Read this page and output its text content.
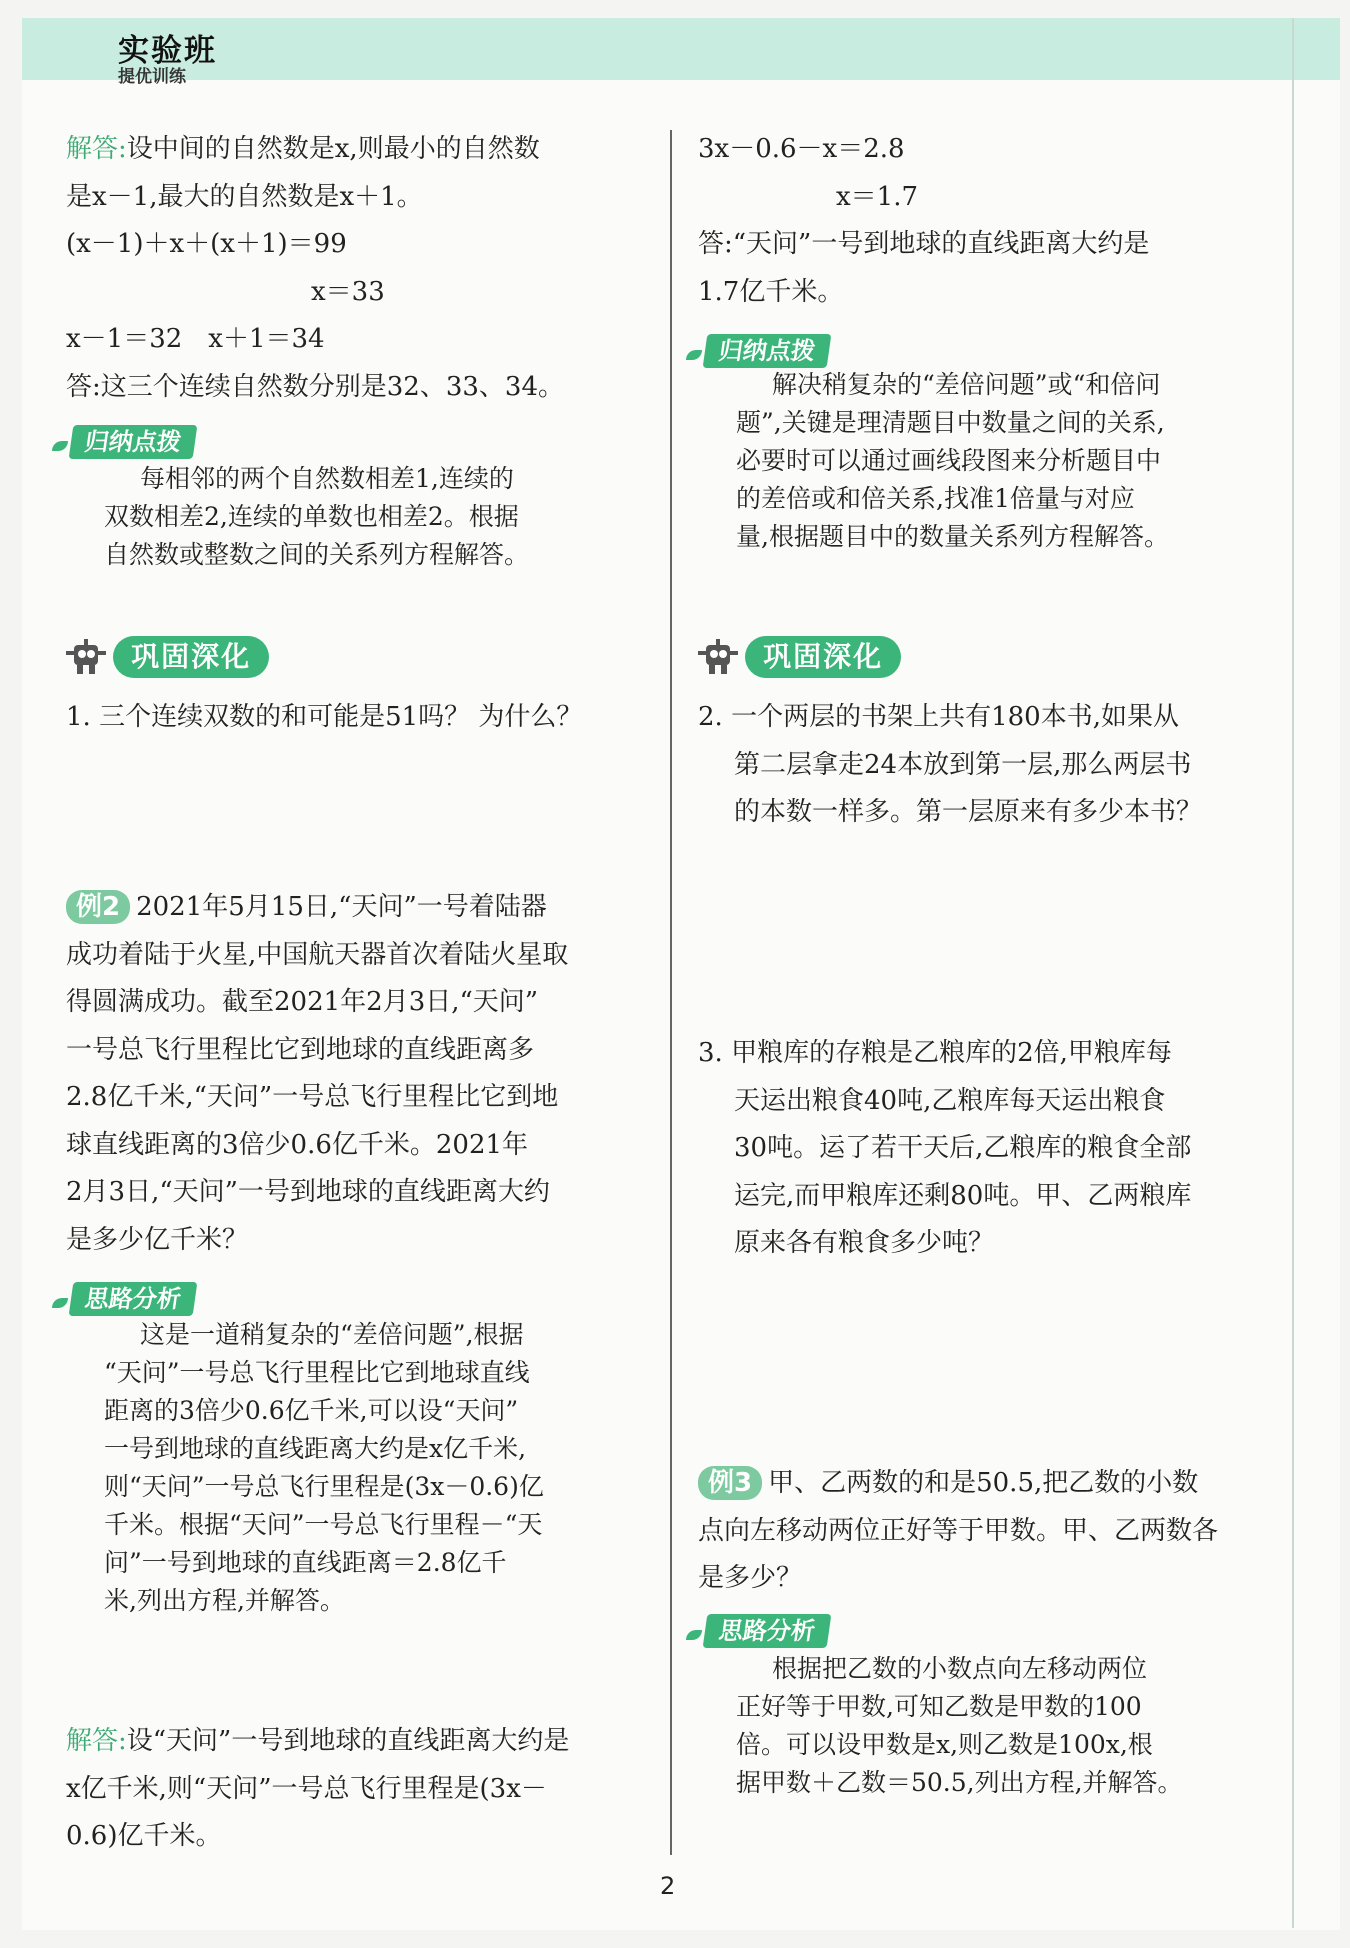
实验班
提优训练

解答:设中间的自然数是x,则最小的自然数

是x－1,最大的自然数是x＋1。

(x－1)＋x＋(x＋1)＝99

x＝33

x－1＝32　x＋1＝34

答:这三个连续自然数分别是32、33、34。

归纳点拨

每相邻的两个自然数相差1,连续的

双数相差2,连续的单数也相差2。根据

自然数或整数之间的关系列方程解答。

巩固深化

1. 三个连续双数的和可能是51吗？ 为什么？

例2 2021年5月15日,“天问”一号着陆器

成功着陆于火星,中国航天器首次着陆火星取

得圆满成功。截至2021年2月3日,“天问”

一号总飞行里程比它到地球的直线距离多

2.8亿千米,“天问”一号总飞行里程比它到地

球直线距离的3倍少0.6亿千米。2021年

2月3日,“天问”一号到地球的直线距离大约

是多少亿千米？

思路分析

这是一道稍复杂的“差倍问题”,根据

“天问”一号总飞行里程比它到地球直线

距离的3倍少0.6亿千米,可以设“天问”

一号到地球的直线距离大约是x亿千米,

则“天问”一号总飞行里程是(3x－0.6)亿

千米。根据“天问”一号总飞行里程－“天

问”一号到地球的直线距离＝2.8亿千

米,列出方程,并解答。

解答:设“天问”一号到地球的直线距离大约是

x亿千米,则“天问”一号总飞行里程是(3x－

0.6)亿千米。

3x－0.6－x＝2.8

x＝1.7

答:“天问”一号到地球的直线距离大约是

1.7亿千米。

归纳点拨

解决稍复杂的“差倍问题”或“和倍问

题”,关键是理清题目中数量之间的关系,

必要时可以通过画线段图来分析题目中

的差倍或和倍关系,找准1倍量与对应

量,根据题目中的数量关系列方程解答。

巩固深化

2. 一个两层的书架上共有180本书,如果从

第二层拿走24本放到第一层,那么两层书

的本数一样多。第一层原来有多少本书？

3. 甲粮库的存粮是乙粮库的2倍,甲粮库每

天运出粮食40吨,乙粮库每天运出粮食

30吨。运了若干天后,乙粮库的粮食全部

运完,而甲粮库还剩80吨。甲、乙两粮库

原来各有粮食多少吨？

例3 甲、乙两数的和是50.5,把乙数的小数

点向左移动两位正好等于甲数。甲、乙两数各

是多少？

思路分析

根据把乙数的小数点向左移动两位

正好等于甲数,可知乙数是甲数的100

倍。可以设甲数是x,则乙数是100x,根

据甲数＋乙数＝50.5,列出方程,并解答。

2
